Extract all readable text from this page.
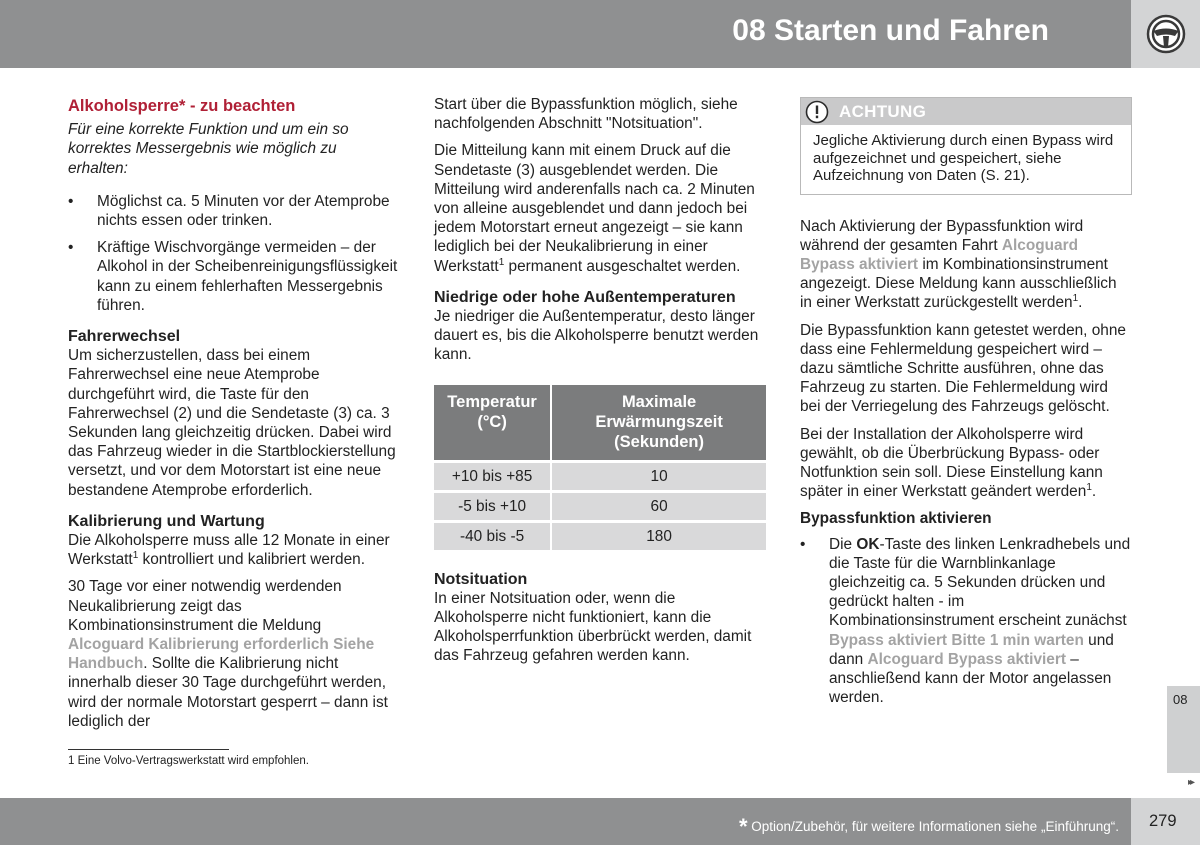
08 Starten und Fahren
Alkoholsperre* - zu beachten

Für eine korrekte Funktion und um ein so korrektes Messergebnis wie möglich zu erhalten:

• Möglichst ca. 5 Minuten vor der Atemprobe nichts essen oder trinken.
• Kräftige Wischvorgänge vermeiden – der Alkohol in der Scheibenreinigungsflüssigkeit kann zu einem fehlerhaften Messergebnis führen.
Fahrerwechsel

Um sicherzustellen, dass bei einem Fahrerwechsel eine neue Atemprobe durchgeführt wird, die Taste für den Fahrerwechsel (2) und die Sendetaste (3) ca. 3 Sekunden lang gleichzeitig drücken. Dabei wird das Fahrzeug wieder in die Startblockierstellung versetzt, und vor dem Motorstart ist eine neue bestandene Atemprobe erforderlich.

Kalibrierung und Wartung

Die Alkoholsperre muss alle 12 Monate in einer Werkstatt$^1$ kontrolliert und kalibriert werden.

30 Tage vor einer notwendig werdenden Neukalibrierung zeigt das Kombinationsinstrument die Meldung Alcoguard Kalibrierung erforderlich Siehe Handbuch. Sollte die Kalibrierung nicht innerhalb dieser 30 Tage durchgeführt werden, wird der normale Motorstart gesperrt – dann ist lediglich der

Start über die Bypassfunktion möglich, siehe nachfolgenden Abschnitt "Notsituation".

Die Mitteilung kann mit einem Druck auf die Sendetaste (3) ausgeblendet werden. Die Mitteilung wird anderenfalls nach ca. 2 Minuten von alleine ausgeblendet und dann jedoch bei jedem Motorstart erneut angezeigt – sie kann lediglich bei der Neukalibrierung in einer Werkstatt$^1$ permanent ausgeschaltet werden.

Niedrige oder hohe Außentemperaturen

Je niedriger die Außentemperatur, desto länger dauert es, bis die Alkoholsperre benutzt werden kann.

Temperatur (°C)	Maximale Erwärmungszeit (Sekunden)
+10 bis +85	10
-5 bis +10	60
-40 bis -5	180
Notsituation

In einer Notsituation oder, wenn die Alkoholsperre nicht funktioniert, kann die Alkoholsperrfunktion überbrückt werden, damit das Fahrzeug gefahren werden kann.

ACHTUNG
Jegliche Aktivierung durch einen Bypass wird aufgezeichnet und gespeichert, siehe Aufzeichnung von Daten (S. 21).

Nach Aktivierung der Bypassfunktion wird während der gesamten Fahrt Alcoguard Bypass aktiviert im Kombinationsinstrument angezeigt. Diese Meldung kann ausschließlich in einer Werkstatt zurückgestellt werden$^1$.

Die Bypassfunktion kann getestet werden, ohne dass eine Fehlermeldung gespeichert wird – dazu sämtliche Schritte ausführen, ohne das Fahrzeug zu starten. Die Fehlermeldung wird bei der Verriegelung des Fahrzeugs gelöscht.

Bei der Installation der Alkoholsperre wird gewählt, ob die Überbrückung Bypass- oder Notfunktion sein soll. Diese Einstellung kann später in einer Werkstatt geändert werden$^1$.

Bypassfunktion aktivieren
• Die OK-Taste des linken Lenkradhebels und die Taste für die Warnblinkanlage gleichzeitig ca. 5 Sekunden drücken und gedrückt halten - im Kombinationsinstrument erscheint zunächst Bypass aktiviert Bitte 1 min warten und dann Alcoguard Bypass aktiviert – anschließend kann der Motor angelassen werden.
1 Eine Volvo-Vertragswerkstatt wird empfohlen.
08
▸▸
* Option/Zubehör, für weitere Informationen siehe „Einführung“. 279
